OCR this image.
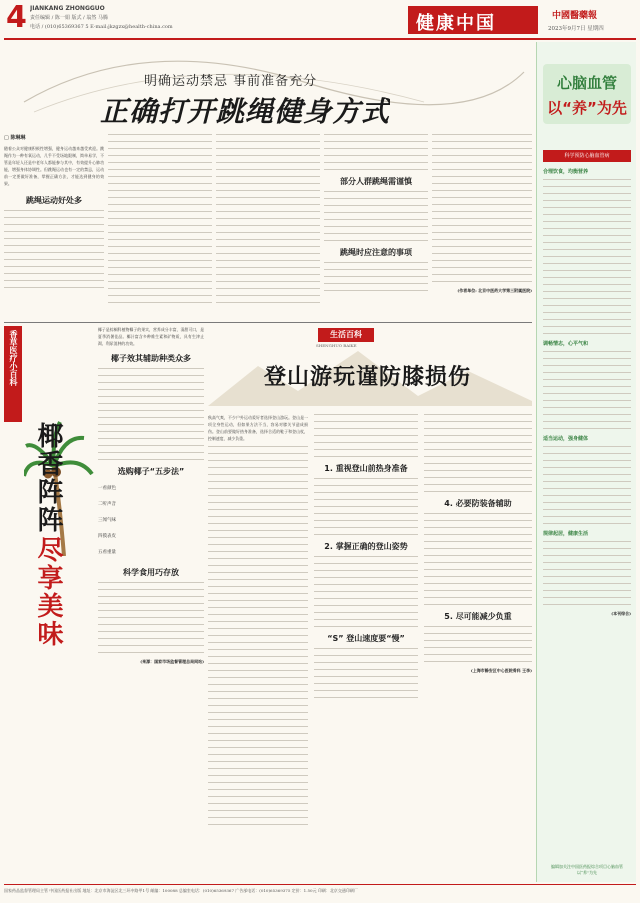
4 JIANKANG ZHONGGUO
责任编辑 / 陈一娟 版式 / 翁然 马腾
电话 / (010)65369367 5 E-mail:jkzgzx@health-china.com	健康中国	中國醫藥報
2023年9月7日 星期四
明确运动禁忌 事前准备充分
正确打开跳绳健身方式
□ 陈琳琳
随着公众对健康积极性增强，健身运动越来越受欢迎。跳绳作为一种有氧运动，几乎不受场地限制，简单易学，不管是年轻人还是中老年人都能参与其中，有效提升心肺功能，增强身体协调性。但跳绳运动也有一定的禁忌，运动前一定要做好准备，掌握正确方法，才能达到健身的效果。
跳绳运动好处多
部分人群跳绳需谨慎
跳绳时应注意的事项
(作者单位: 北京中医药大学第三附属医院)
香草医疗小百科
椰香阵阵
尽享美味
椰子是棕榈科植物椰子的果实，营养成分丰富，清甜可口，是夏季消暑佳品。椰汁富含多种维生素和矿物质，具有生津止渴、利尿消肿的功效。
椰子效其辅助种类众多
选购椰子“五步法”
一看颜色
二听声音
三闻气味
四摸表皮
五看重量
科学食用巧存放
(来源：国家市场监督管理总局网站)
生活百科
SHENGHUO BAIKE
登山游玩谨防膝损伤
秋高气爽，不少户外运动爱好者选择登山游玩。登山是一项全身性运动，但如果方法不当，容易对膝关节造成损伤。登山前要做好热身准备，选择合适的鞋子和登山杖，控制速度，减少负重。
1. 重视登山前热身准备
2. 掌握正确的登山姿势
“S” 登山速度要“慢”
4. 必要防装备辅助
5. 尽可能减少负重
(上海市静安区中心医院骨科 王李)
心脑血管
以“养”为先
科学预防心脑血管病
合理饮食，均衡营养
调畅情志，心平气和
适当运动，强身健体
规律起居，健康生活
(本刊综合)
编辑加关注中国医药报综合项目心脑血管以“养”为先
国家药品监督管理局主管 中国医药报社出版 地址：北京市海淀区北三环中路甲1号 邮编：100088 总编室电话：(010)65369367 广告部电话：(010)65369375 定价：1.50元 印刷：北京交通印刷厂
